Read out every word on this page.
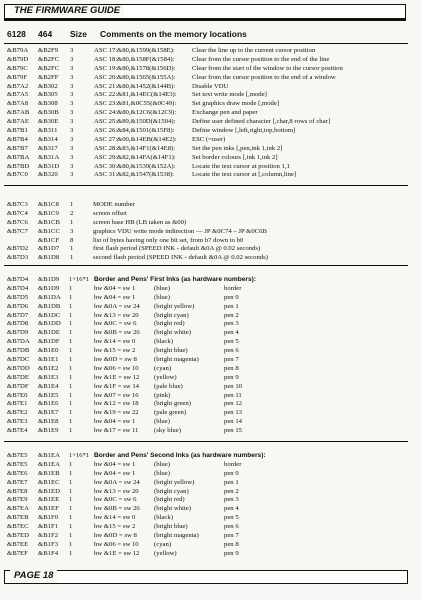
THE FIRMWARE GUIDE
6128 464 Size Comments on the memory locations
&B79A &B2F9 3	ASC 17: &80,&1599(&158E):	Clear the line up to the current cursor position
&B79D &B2FC 3	ASC 18: &80,&158F(&1584):	Clear from the cursor position to the end of the line
&B79C &B2FC 3	ASC 19: &80,&1578(&156D): Clear from the start of the window to the cursor position
&B79F &B2FF 3	ASC 20: &80,&1565(&155A): Clear from the cursor position to the end of a window
&B7A2 &B302 3	ASC 21: &80,&1452(&144B):	Disable VDU
&B7A5 &B305 3	ASC 22: &81,&14EC(&14E3): Set text write mode [,mode]
&B7A8 &B308 3	ASC 23: &81,&0C55(&0C49): Set graphics draw mode [,mode]
&B7AB &B30B 3	ASC 24: &80,&12C6(&12C9): Exchange pen and paper
&B7AE &B30E 3	ASC 25: &89,&150D(&1504): Define user defined character [,char,8 rows of char]
&B7B1 &B311 3	ASC 26: &84,&1501(&15F8):	Define window [,left,right,top,bottom]
&B7B4 &B314 3	ASC 27: &00,&14EB(&14E2): ESC (=user)
&B7B7 &B317 3	ASC 28: &83,&14F1(&14E8):	Set the pen inks [,pen,ink 1,ink 2]
&B7BA &B31A 3	ASC 29: &82,&14FA(&14F1): Set border colours [,ink 1,ink 2]
&B7BD &B31D 3	ASC 30: &80,&1539(&152A): Locate the text cursor at position 1,1
&B7C0 &B320 3	ASC 31: &82,&1547(&1538):	Locate the text cursor at [,column,line]
&B7C3 &B1C8 1	MODE number
&B7C4 &B1C9 2	screen offset
&B7C6 &B1CB 1	screen base HB (LB taken as &00)
&B7C7 &B1CC 3	graphics VDU write mode indirection — JP &0C74 – JP &0C6B
&B1CF 8	list of bytes having only one bit set, from b7 down to b0
&B7D2 &B1D7 1	first flash period (SPEED INK - default &0A @ 0.02 seconds)
&B7D3 &B1D8 1	second flash period (SPEED INK - default &0A @ 0.02 seconds)
&B7D4 &B1D9 1+16*1 Border and Pens' First Inks (as hardware numbers):
&B7D4 &B1D9 1	hw &04 = sw 1	(blue)	border
&B7D5 &B1DA 1	hw &04 = sw 1	(blue)	pen 0
&B7D6 &B1DB 1	hw &0A = sw 24 (bright yellow)	pen 1
&B7D7 &B1DC 1	hw &13 = sw 20 (bright cyan)	pen 2
&B7D8 &B1DD 1	hw &0C = sw 6	(bright red)	pen 3
&B7D9 &B1DE 1	hw &0B = sw 26 (bright white)	pen 4
&B7DA &B1DF 1	hw &14 = sw 0	(black)	pen 5
&B7DB &B1E0 1	hw &15 = sw 2	(bright blue)	pen 6
&B7DC &B1E1 1	hw &0D = sw 8	(bright magenta)	pen 7
&B7DD &B1E2 1	hw &06 = sw 10 (cyan)	pen 8
&B7DE &B1E3 1	hw &1E = sw 12 (yellow)	pen 9
&B7DF &B1E4 1	hw &1F = sw 14 (pale blue)	pen 10
&B7E0 &B1E5 1	hw &07 = sw 16 (pink)	pen 11
&B7E1 &B1E6 1	hw &12 = sw 18 (bright green)	pen 12
&B7E2 &B1E7 1	hw &19 = sw 22 (pale green)	pen 13
&B7E3 &B1E8 1	hw &04 = sw 1	(blue)	pen 14
&B7E4 &B1E9 1	hw &17 = sw 11 (sky blue)	pen 15
&B7E5 &B1EA 1+16*1 Border and Pens' Second Inks (as hardware numbers):
&B7E5 &B1EA 1	hw &04 = sw 1	(blue)	border
&B7E6 &B1EB 1	hw &04 = sw 1	(blue)	pen 0
&B7E7 &B1EC 1	hw &0A = sw 24 (bright yellow)	pen 1
&B7E8 &B1ED 1	hw &13 = sw 20 (bright cyan)	pen 2
&B7E9 &B1EE 1	hw &0C = sw 6	(bright red)	pen 3
&B7EA &B1EF 1	hw &0B = sw 26 (bright white)	pen 4
&B7EB &B1F0 1	hw &14 = sw 0	(black)	pen 5
&B7EC &B1F1 1	hw &15 = sw 2	(bright blue)	pen 6
&B7ED &B1F2 1	hw &0D = sw 8	(bright magenta)	pen 7
&B7EE &B1F3 1	hw &06 = sw 10 (cyan)	pen 8
&B7EF &B1F4 1	hw &1E = sw 12 (yellow)	pen 9
PAGE 18
